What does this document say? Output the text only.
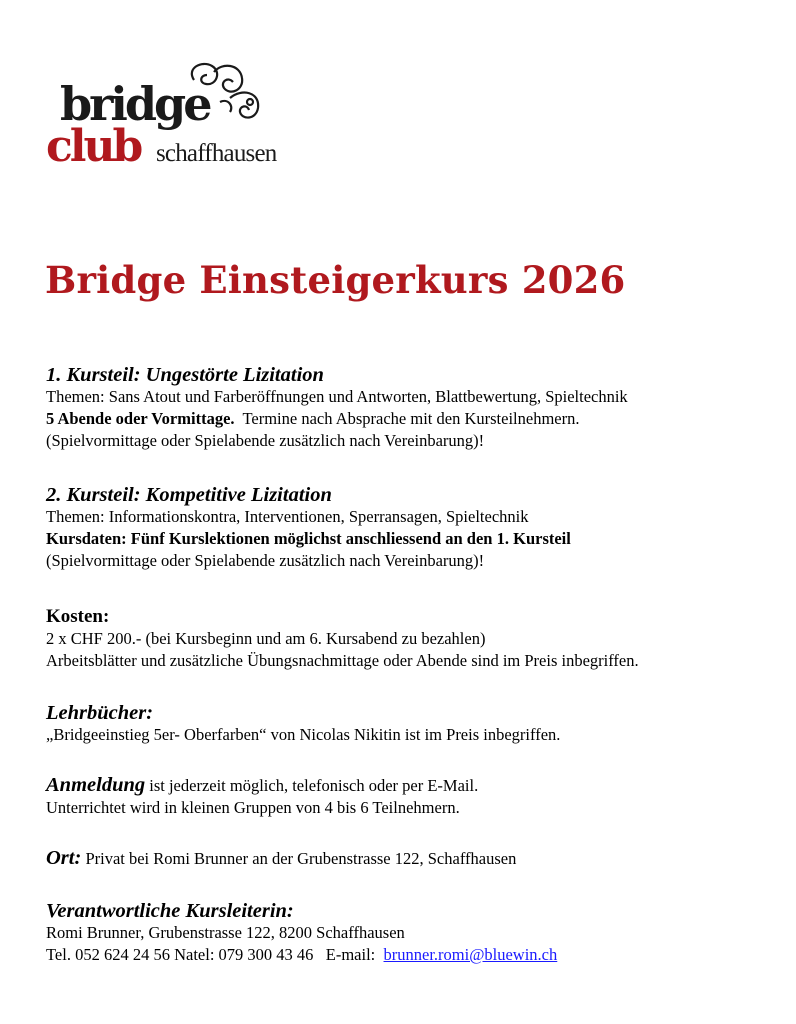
bridge
club schaffhausen
Bridge Einsteigerkurs 2026

1. Kursteil: Ungestörte Lizitation

Themen: Sans Atout und Farberöffnungen und Antworten, Blattbewertung, Spieltechnik

5 Abende oder Vormittage.  Termine nach Absprache mit den Kursteilnehmern.

(Spielvormittage oder Spielabende zusätzlich nach Vereinbarung)!

2. Kursteil: Kompetitive Lizitation

Themen: Informationskontra, Interventionen, Sperransagen, Spieltechnik

Kursdaten: Fünf Kurslektionen möglichst anschliessend an den 1. Kursteil

(Spielvormittage oder Spielabende zusätzlich nach Vereinbarung)!

Kosten:

2 x CHF 200.- (bei Kursbeginn und am 6. Kursabend zu bezahlen)

Arbeitsblätter und zusätzliche Übungsnachmittage oder Abende sind im Preis inbegriffen.

Lehrbücher:

„Bridgeeinstieg 5er- Oberfarben“ von Nicolas Nikitin ist im Preis inbegriffen.

Anmeldung ist jederzeit möglich, telefonisch oder per E-Mail.

Unterrichtet wird in kleinen Gruppen von 4 bis 6 Teilnehmern.

Ort: Privat bei Romi Brunner an der Grubenstrasse 122, Schaffhausen

Verantwortliche Kursleiterin:

Romi Brunner, Grubenstrasse 122, 8200 Schaffhausen

Tel. 052 624 24 56 Natel: 079 300 43 46   E-mail:  brunner.romi@bluewin.ch
